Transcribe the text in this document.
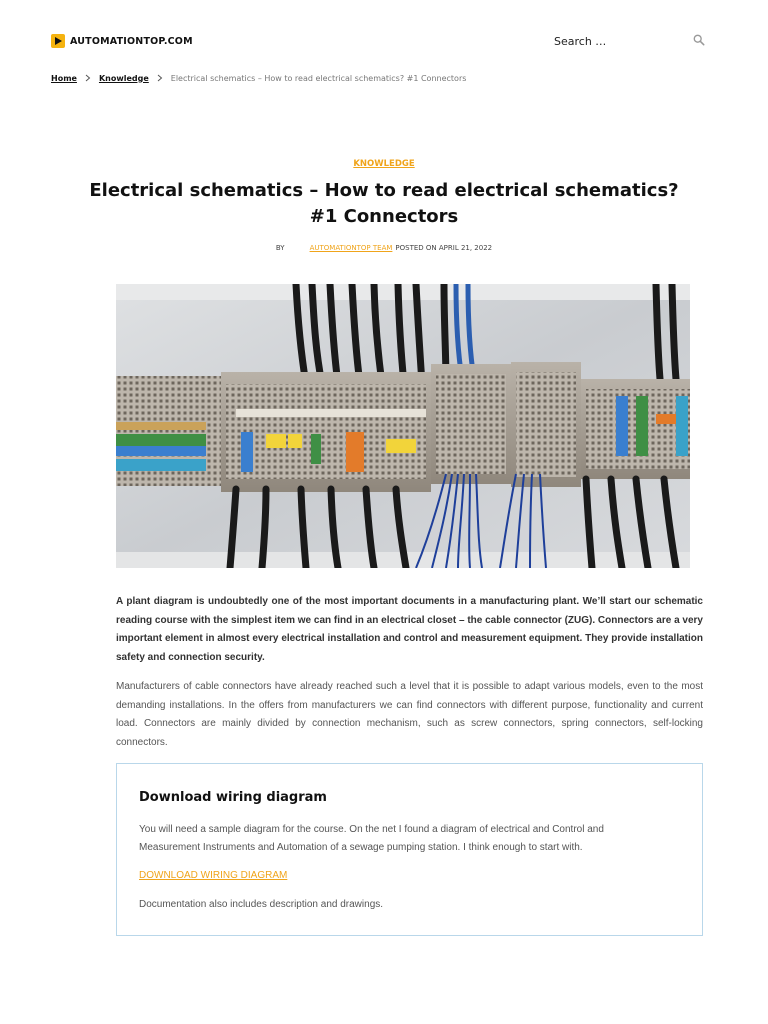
AUTOMATIONTOP.COM
Search …
Home	Knowledge	Electrical schematics – How to read electrical schematics? #1 Connectors
KNOWLEDGE
Electrical schematics – How to read electrical schematics? #1 Connectors
BY	AUTOMATIONTOP TEAM POSTED ON
APRIL 21, 2022

A plant diagram is undoubtedly one of the most important documents in a manufacturing plant. We’ll start our schematic reading course with the simplest item we can find in an electrical closet – the cable connector (ZUG). Connectors are a very important element in almost every electrical installation and control and measurement equipment. They provide installation safety and connection security.

Manufacturers of cable connectors have already reached such a level that it is possible to adapt various models, even to the most demanding installations. In the offers from manufacturers we can find connectors with different purpose, functionality and current load. Connectors are mainly divided by connection mechanism, such as screw connectors, spring connectors, self-locking connectors.

Download wiring diagram

You will need a sample diagram for the course. On the net I found a diagram of electrical and Control and Measurement Instruments and Automation of a sewage pumping station. I think enough to start with.

DOWNLOAD WIRING DIAGRAM

Documentation also includes description and drawings.
